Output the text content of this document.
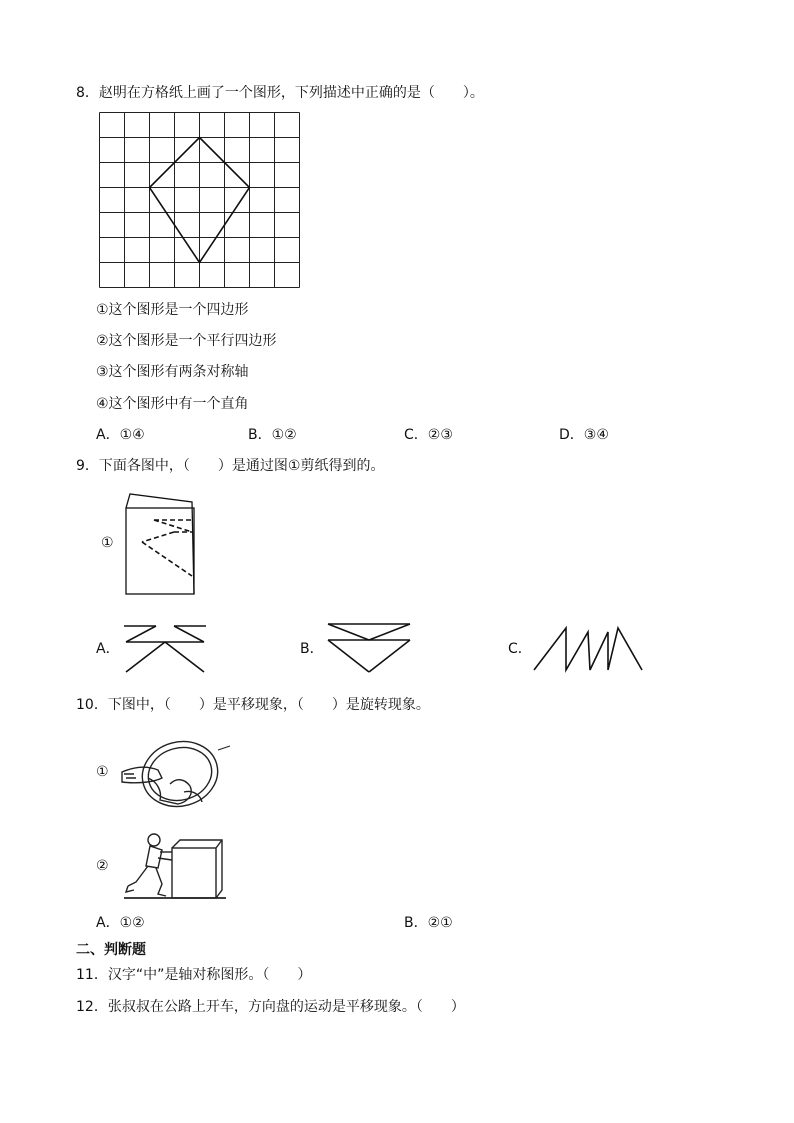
8．赵明在方格纸上画了一个图形，下列描述中正确的是（　　）。
①这个图形是一个四边形
②这个图形是一个平行四边形
③这个图形有两条对称轴
④这个图形中有一个直角
A．①④	B．①②	C．②③	D．③④
9．下面各图中，（　　）是通过图①剪纸得到的。
①
A．	B．	C．
10．下图中，（　　）是平移现象，（　　）是旋转现象。
①
②
A．①②	B．②①
二、判断题
11．汉字“中”是轴对称图形。（　　）
12．张叔叔在公路上开车，方向盘的运动是平移现象。（　　）
